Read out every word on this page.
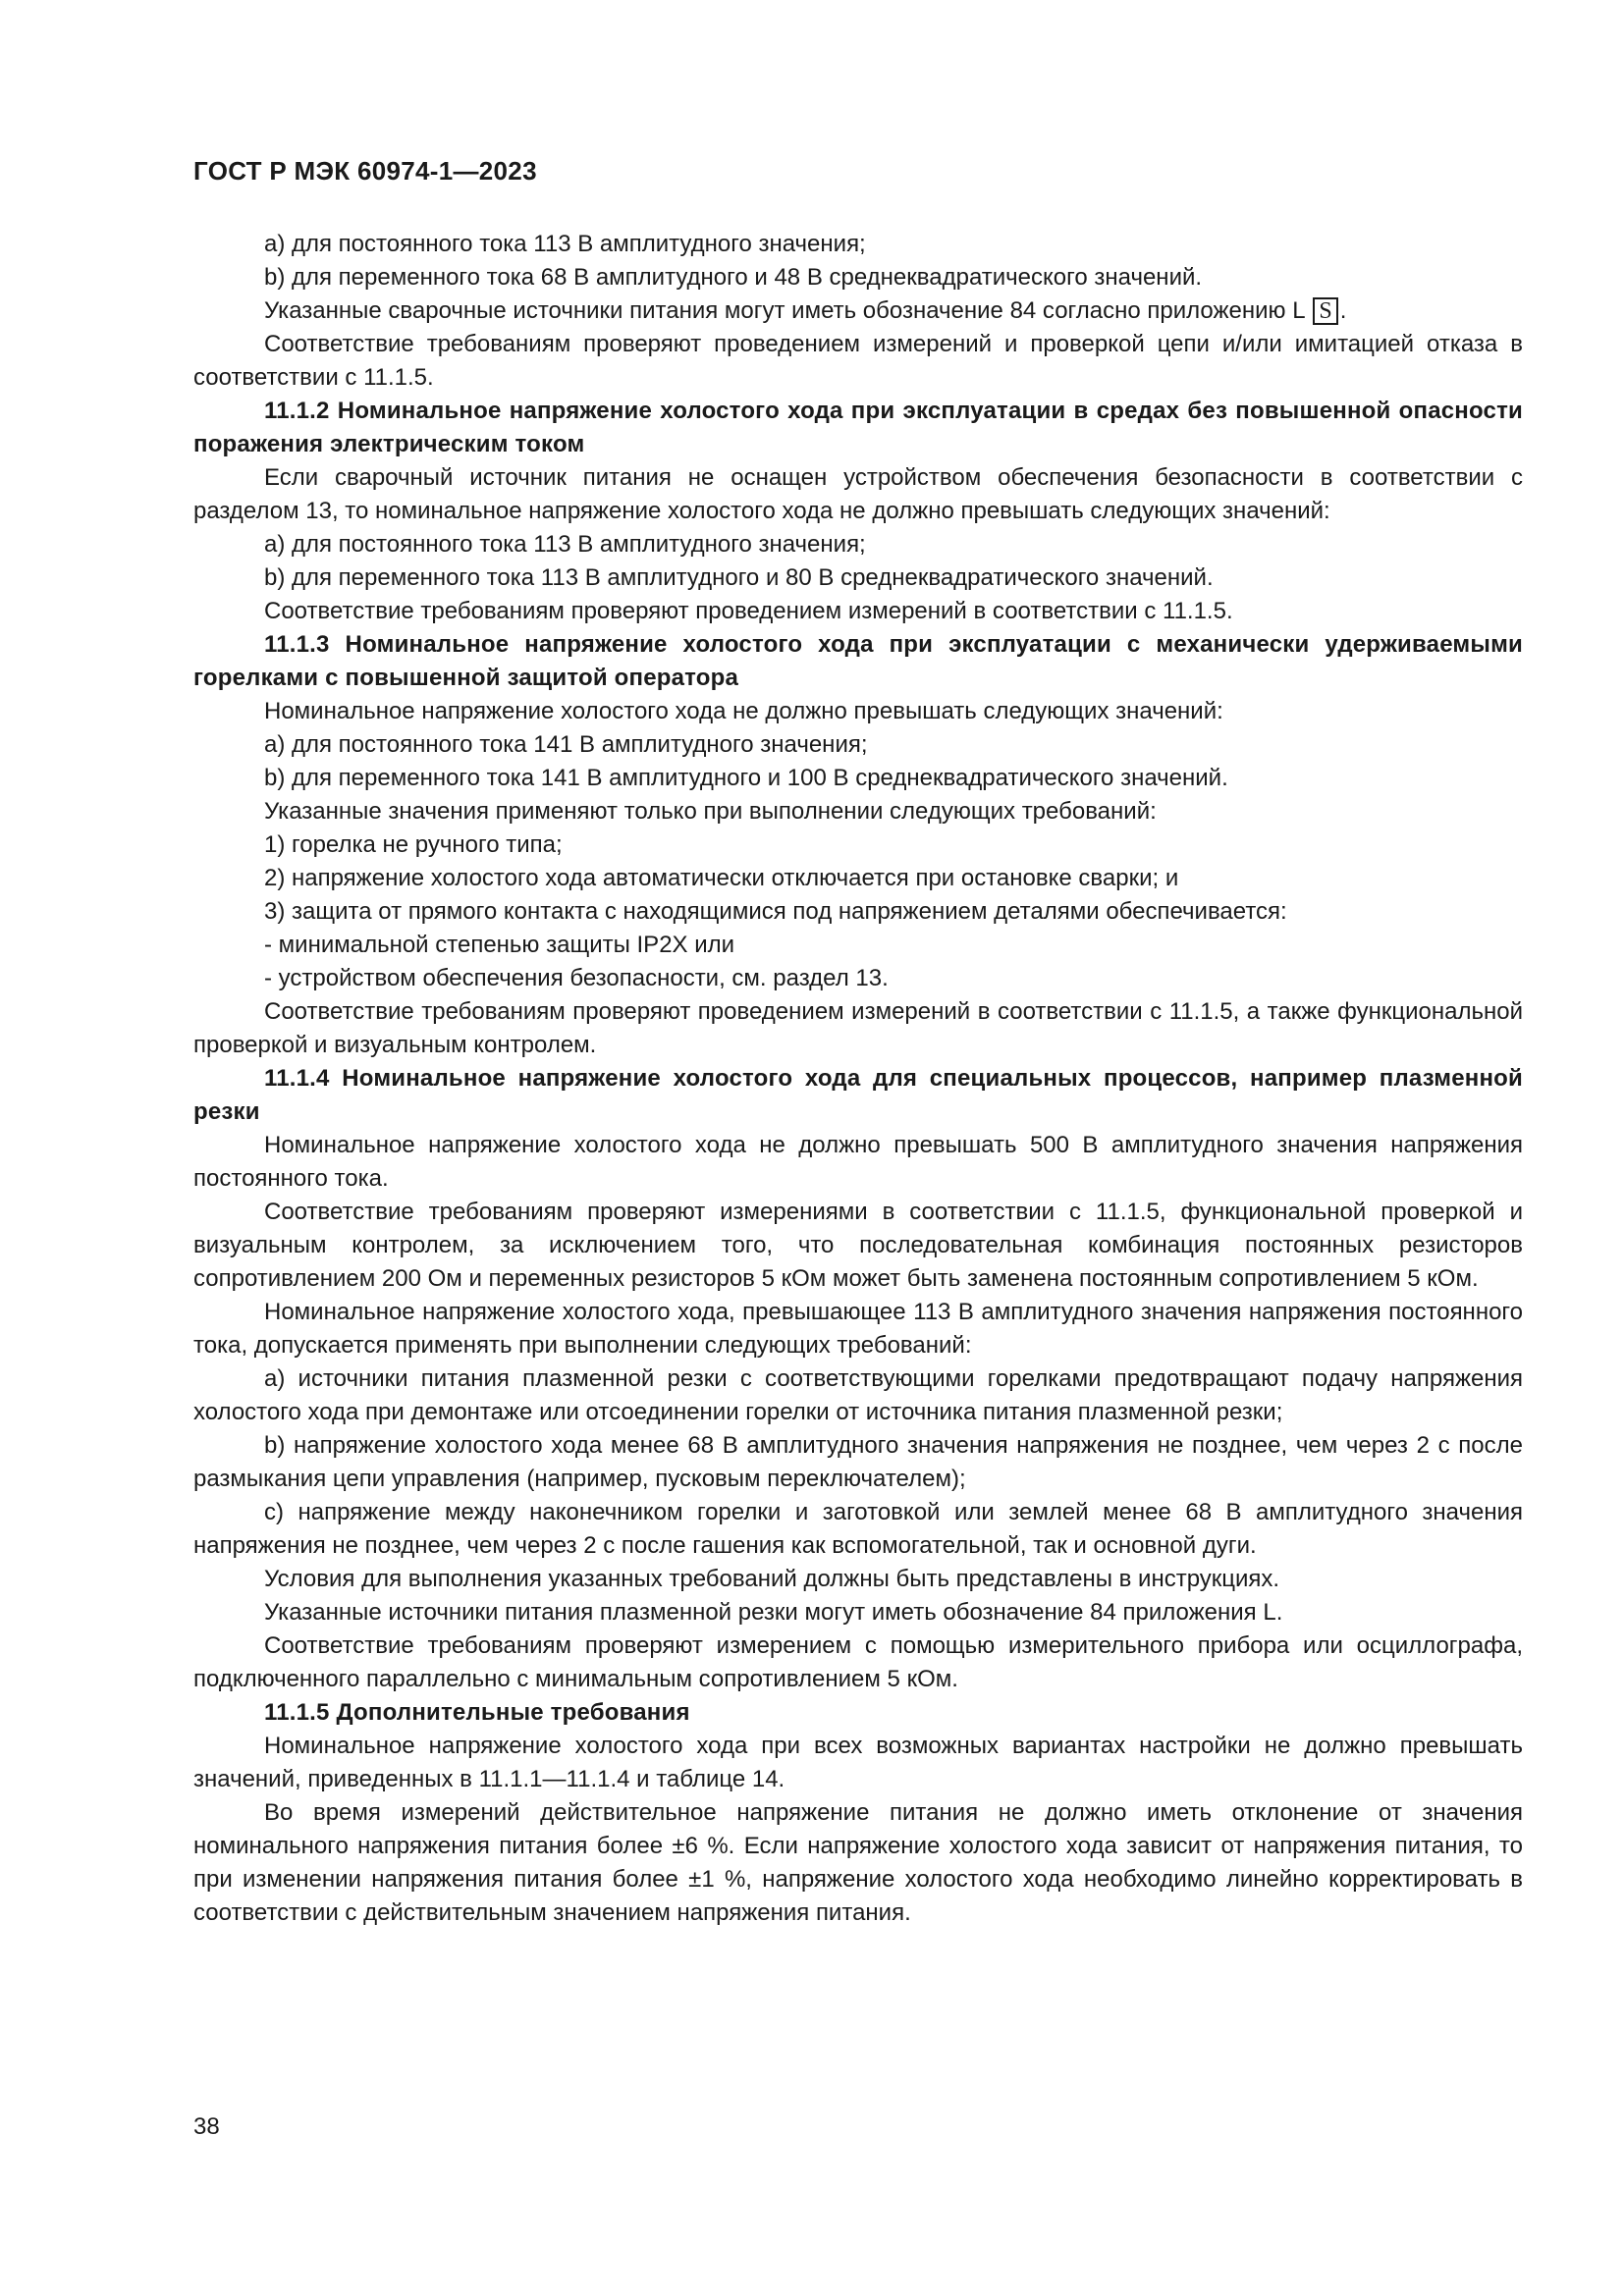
ГОСТ Р МЭК 60974-1—2023

a) для постоянного тока 113 В амплитудного значения;

b) для переменного тока 68 В амплитудного и 48 В среднеквадратического значений.

Указанные сварочные источники питания могут иметь обозначение 84 согласно приложению L S .

Соответствие требованиям проверяют проведением измерений и проверкой цепи и/или имитацией отказа в соответствии с 11.1.5.

11.1.2 Номинальное напряжение холостого хода при эксплуатации в средах без повышенной опасности поражения электрическим током

Если сварочный источник питания не оснащен устройством обеспечения безопасности в соответствии с разделом 13, то номинальное напряжение холостого хода не должно превышать следующих значений:

a) для постоянного тока 113 В амплитудного значения;

b) для переменного тока 113 В амплитудного и 80 В среднеквадратического значений.

Соответствие требованиям проверяют проведением измерений в соответствии с 11.1.5.

11.1.3 Номинальное напряжение холостого хода при эксплуатации с механически удерживаемыми горелками с повышенной защитой оператора

Номинальное напряжение холостого хода не должно превышать следующих значений:

a) для постоянного тока 141 В амплитудного значения;

b) для переменного тока 141 В амплитудного и 100 В среднеквадратического значений.

Указанные значения применяют только при выполнении следующих требований:

1) горелка не ручного типа;

2) напряжение холостого хода автоматически отключается при остановке сварки; и

3) защита от прямого контакта с находящимися под напряжением деталями обеспечивается:

- минимальной степенью защиты IP2X или

- устройством обеспечения безопасности, см. раздел 13.

Соответствие требованиям проверяют проведением измерений в соответствии с 11.1.5, а также функциональной проверкой и визуальным контролем.

11.1.4 Номинальное напряжение холостого хода для специальных процессов, например плазменной резки

Номинальное напряжение холостого хода не должно превышать 500 В амплитудного значения напряжения постоянного тока.

Соответствие требованиям проверяют измерениями в соответствии с 11.1.5, функциональной проверкой и визуальным контролем, за исключением того, что последовательная комбинация постоянных резисторов сопротивлением 200 Ом и переменных резисторов 5 кОм может быть заменена постоянным сопротивлением 5 кОм.

Номинальное напряжение холостого хода, превышающее 113 В амплитудного значения напряжения постоянного тока, допускается применять при выполнении следующих требований:

a) источники питания плазменной резки с соответствующими горелками предотвращают подачу напряжения холостого хода при демонтаже или отсоединении горелки от источника питания плазменной резки;

b) напряжение холостого хода менее 68 В амплитудного значения напряжения не позднее, чем через 2 с после размыкания цепи управления (например, пусковым переключателем);

c) напряжение между наконечником горелки и заготовкой или землей менее 68 В амплитудного значения напряжения не позднее, чем через 2 с после гашения как вспомогательной, так и основной дуги.

Условия для выполнения указанных требований должны быть представлены в инструкциях.

Указанные источники питания плазменной резки могут иметь обозначение 84 приложения L.

Соответствие требованиям проверяют измерением с помощью измерительного прибора или осциллографа, подключенного параллельно с минимальным сопротивлением 5 кОм.

11.1.5 Дополнительные требования

Номинальное напряжение холостого хода при всех возможных вариантах настройки не должно превышать значений, приведенных в 11.1.1—11.1.4 и таблице 14.

Во время измерений действительное напряжение питания не должно иметь отклонение от значения номинального напряжения питания более ±6 %. Если напряжение холостого хода зависит от напряжения питания, то при изменении напряжения питания более ±1 %, напряжение холостого хода необходимо линейно корректировать в соответствии с действительным значением напряжения питания.

38
